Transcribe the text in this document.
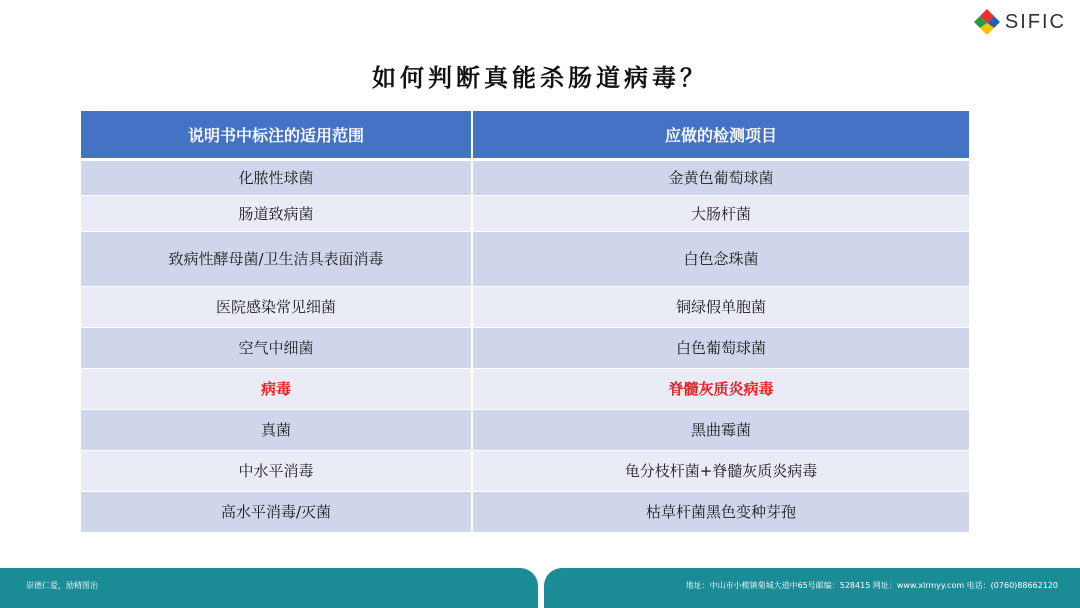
SIFIC
如何判断真能杀肠道病毒？
说明书中标注的适用范围	应做的检测项目
化脓性球菌	金黄色葡萄球菌
肠道致病菌	大肠杆菌
致病性酵母菌/卫生洁具表面消毒	白色念珠菌
医院感染常见细菌	铜绿假单胞菌
空气中细菌	白色葡萄球菌
病毒	脊髓灰质炎病毒
真菌	黑曲霉菌
中水平消毒	龟分枝杆菌+脊髓灰质炎病毒
高水平消毒/灭菌	枯草杆菌黑色变种芽孢
崇德仁爱，励精图治	地址：中山市小榄镇菊城大道中65号邮编：528415 网址：www.xlrmyy.com 电话：(0760)88662120
